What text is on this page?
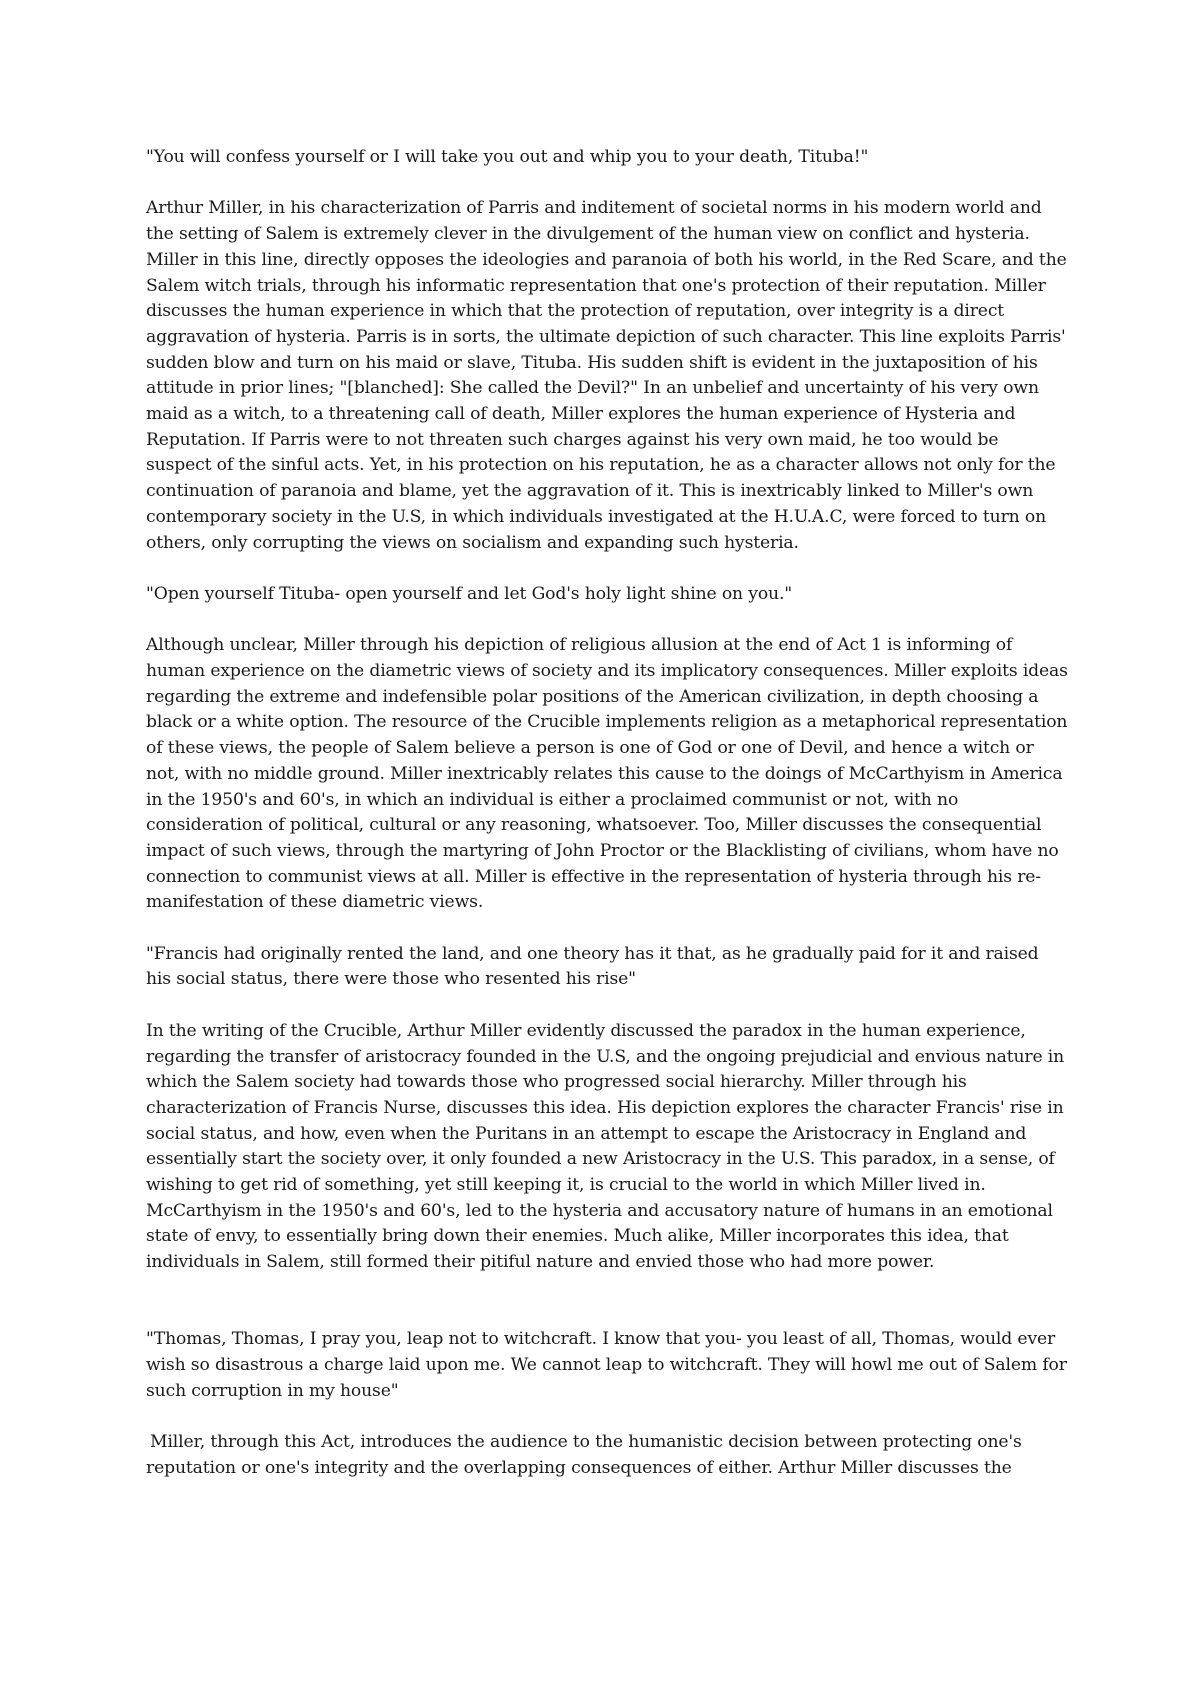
"You will confess yourself or I will take you out and whip you to your death, Tituba!"

Arthur Miller, in his characterization of Parris and inditement of societal norms in his modern world and the setting of Salem is extremely clever in the divulgement of the human view on conflict and hysteria. Miller in this line, directly opposes the ideologies and paranoia of both his world, in the Red Scare, and the Salem witch trials, through his informatic representation that one's protection of their reputation. Miller discusses the human experience in which that the protection of reputation, over integrity is a direct aggravation of hysteria. Parris is in sorts, the ultimate depiction of such character. This line exploits Parris' sudden blow and turn on his maid or slave, Tituba. His sudden shift is evident in the juxtaposition of his attitude in prior lines; "[blanched]: She called the Devil?" In an unbelief and uncertainty of his very own maid as a witch, to a threatening call of death, Miller explores the human experience of Hysteria and Reputation. If Parris were to not threaten such charges against his very own maid, he too would be suspect of the sinful acts. Yet, in his protection on his reputation, he as a character allows not only for the continuation of paranoia and blame, yet the aggravation of it. This is inextricably linked to Miller's own contemporary society in the U.S, in which individuals investigated at the H.U.A.C, were forced to turn on others, only corrupting the views on socialism and expanding such hysteria.

"Open yourself Tituba- open yourself and let God's holy light shine on you."

Although unclear, Miller through his depiction of religious allusion at the end of Act 1 is informing of human experience on the diametric views of society and its implicatory consequences. Miller exploits ideas regarding the extreme and indefensible polar positions of the American civilization, in depth choosing a black or a white option. The resource of the Crucible implements religion as a metaphorical representation of these views, the people of Salem believe a person is one of God or one of Devil, and hence a witch or not, with no middle ground. Miller inextricably relates this cause to the doings of McCarthyism in America in the 1950's and 60's, in which an individual is either a proclaimed communist or not, with no consideration of political, cultural or any reasoning, whatsoever. Too, Miller discusses the consequential impact of such views, through the martyring of John Proctor or the Blacklisting of civilians, whom have no connection to communist views at all. Miller is effective in the representation of hysteria through his re-manifestation of these diametric views.

"Francis had originally rented the land, and one theory has it that, as he gradually paid for it and raised his social status, there were those who resented his rise"

In the writing of the Crucible, Arthur Miller evidently discussed the paradox in the human experience, regarding the transfer of aristocracy founded in the U.S, and the ongoing prejudicial and envious nature in which the Salem society had towards those who progressed social hierarchy. Miller through his characterization of Francis Nurse, discusses this idea. His depiction explores the character Francis' rise in social status, and how, even when the Puritans in an attempt to escape the Aristocracy in England and essentially start the society over, it only founded a new Aristocracy in the U.S. This paradox, in a sense, of wishing to get rid of something, yet still keeping it, is crucial to the world in which Miller lived in. McCarthyism in the 1950's and 60's, led to the hysteria and accusatory nature of humans in an emotional state of envy, to essentially bring down their enemies. Much alike, Miller incorporates this idea, that individuals in Salem, still formed their pitiful nature and envied those who had more power.

"Thomas, Thomas, I pray you, leap not to witchcraft. I know that you- you least of all, Thomas, would ever wish so disastrous a charge laid upon me. We cannot leap to witchcraft. They will howl me out of Salem for such corruption in my house"

Miller, through this Act, introduces the audience to the humanistic decision between protecting one's reputation or one's integrity and the overlapping consequences of either. Arthur Miller discusses the
